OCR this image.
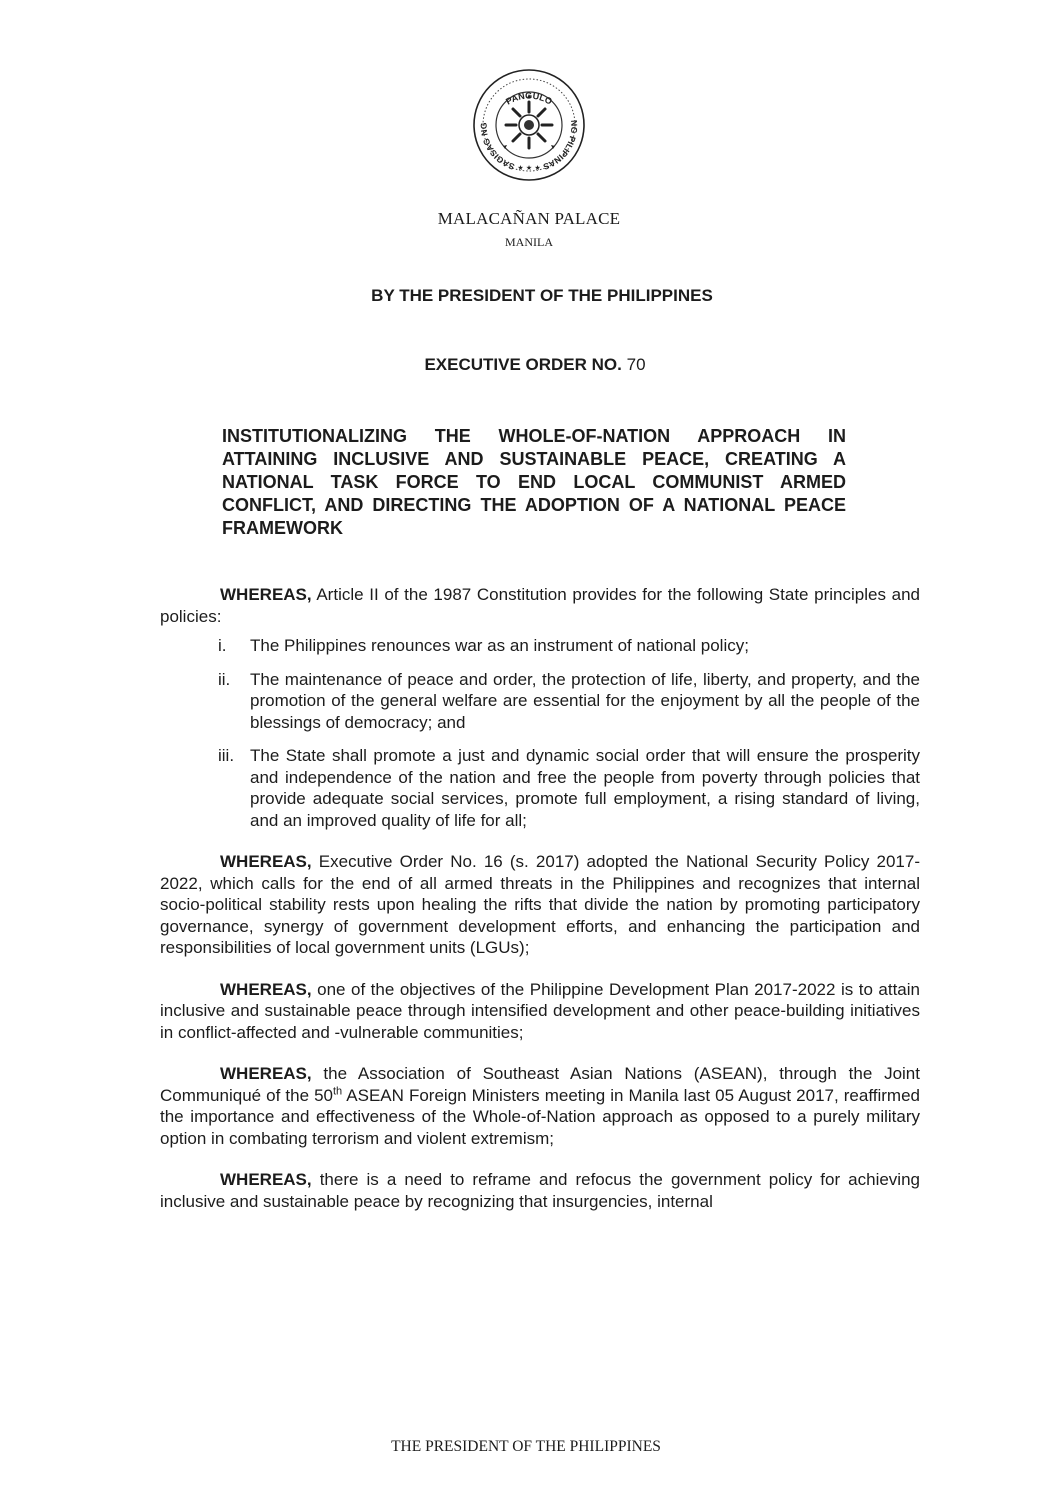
PANGULO
SAGISAG NG	NG PILIPINAS
★ ★ ★
MALACAÑAN PALACE
MANILA
BY THE PRESIDENT OF THE PHILIPPINES
EXECUTIVE ORDER NO. 70
INSTITUTIONALIZING THE WHOLE-OF-NATION APPROACH IN ATTAINING INCLUSIVE AND SUSTAINABLE PEACE, CREATING A NATIONAL TASK FORCE TO END LOCAL COMMUNIST ARMED CONFLICT, AND DIRECTING THE ADOPTION OF A NATIONAL PEACE FRAMEWORK

WHEREAS, Article II of the 1987 Constitution provides for the following State principles and policies:

i.	The Philippines renounces war as an instrument of national policy;
ii.	The maintenance of peace and order, the protection of life, liberty, and property, and the promotion of the general welfare are essential for the enjoyment by all the people of the blessings of democracy; and
iii. The State shall promote a just and dynamic social order that will ensure the prosperity and independence of the nation and free the people from poverty through policies that provide adequate social services, promote full employment, a rising standard of living, and an improved quality of life for all;

WHEREAS, Executive Order No. 16 (s. 2017) adopted the National Security Policy 2017-2022, which calls for the end of all armed threats in the Philippines and recognizes that internal socio-political stability rests upon healing the rifts that divide the nation by promoting participatory governance, synergy of government development efforts, and enhancing the participation and responsibilities of local government units (LGUs);

WHEREAS, one of the objectives of the Philippine Development Plan 2017-2022 is to attain inclusive and sustainable peace through intensified development and other peace-building initiatives in conflict-affected and -vulnerable communities;

WHEREAS, the Association of Southeast Asian Nations (ASEAN), through the Joint Communiqué of the 50th ASEAN Foreign Ministers meeting in Manila last 05 August 2017, reaffirmed the importance and effectiveness of the Whole-of-Nation approach as opposed to a purely military option in combating terrorism and violent extremism;

WHEREAS, there is a need to reframe and refocus the government policy for achieving inclusive and sustainable peace by recognizing that insurgencies, internal

THE PRESIDENT OF THE PHILIPPINES
